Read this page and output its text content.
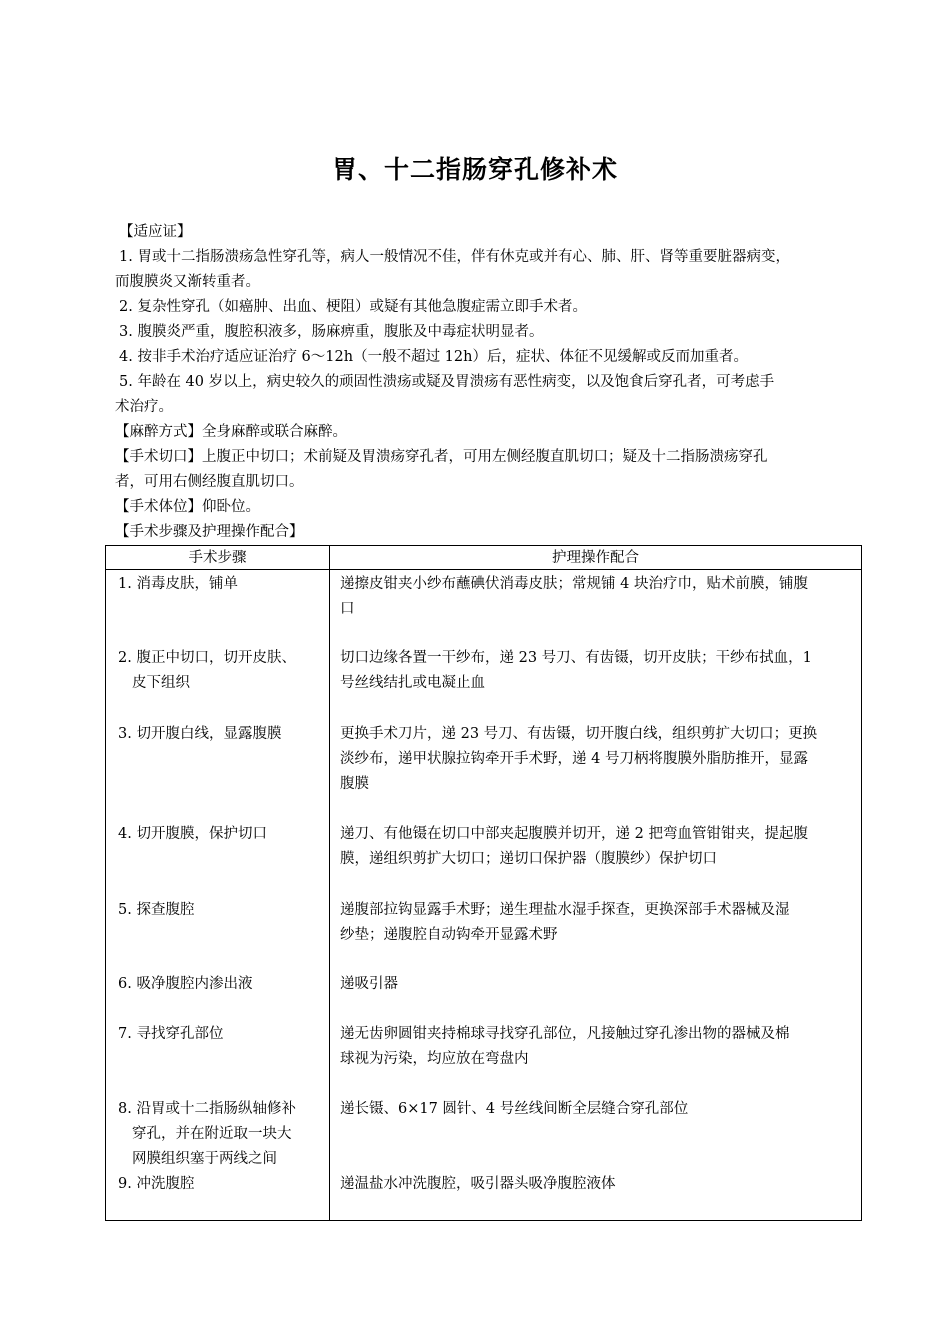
胃、十二指肠穿孔修补术
【适应证】
1. 胃或十二指肠溃疡急性穿孔等，病人一般情况不佳，伴有休克或并有心、肺、肝、肾等重要脏器病变，
而腹膜炎又渐转重者。
2. 复杂性穿孔（如癌肿、出血、梗阻）或疑有其他急腹症需立即手术者。
3. 腹膜炎严重，腹腔积液多，肠麻痹重，腹胀及中毒症状明显者。
4. 按非手术治疗适应证治疗 6～12h（一般不超过 12h）后，症状、体征不见缓解或反而加重者。
5. 年龄在 40 岁以上，病史较久的顽固性溃疡或疑及胃溃疡有恶性病变，以及饱食后穿孔者，可考虑手
术治疗。
【麻醉方式】全身麻醉或联合麻醉。
【手术切口】上腹正中切口；术前疑及胃溃疡穿孔者，可用左侧经腹直肌切口；疑及十二指肠溃疡穿孔
者，可用右侧经腹直肌切口。
【手术体位】仰卧位。
【手术步骤及护理操作配合】
手术步骤	护理操作配合

1. 消毒皮肤，铺单	递擦皮钳夹小纱布蘸碘伏消毒皮肤；常规铺 4 块治疗巾，贴术前膜，铺腹
口

2. 腹正中切口，切开皮肤、
皮下组织	切口边缘各置一干纱布，递 23 号刀、有齿镊，切开皮肤；干纱布拭血，1
号丝线结扎或电凝止血

3. 切开腹白线，显露腹膜	更换手术刀片，递 23 号刀、有齿镊，切开腹白线，组织剪扩大切口；更换
淡纱布，递甲状腺拉钩牵开手术野，递 4 号刀柄将腹膜外脂肪推开，显露
腹膜

4. 切开腹膜，保护切口	递刀、有他镊在切口中部夹起腹膜并切开，递 2 把弯血管钳钳夹，提起腹
膜，递组织剪扩大切口；递切口保护器（腹膜纱）保护切口

5. 探查腹腔	递腹部拉钩显露手术野；递生理盐水湿手探查，更换深部手术器械及湿
纱垫；递腹腔自动钩牵开显露术野

6. 吸净腹腔内渗出液	递吸引器

7. 寻找穿孔部位	递无齿卵圆钳夹持棉球寻找穿孔部位，凡接触过穿孔渗出物的器械及棉
球视为污染，均应放在弯盘内

8. 沿胃或十二指肠纵轴修补
穿孔，并在附近取一块大
网膜组织塞于两线之间	递长镊、6×17 圆针、4 号丝线间断全层缝合穿孔部位

9. 冲洗腹腔	递温盐水冲洗腹腔，吸引器头吸净腹腔液体
